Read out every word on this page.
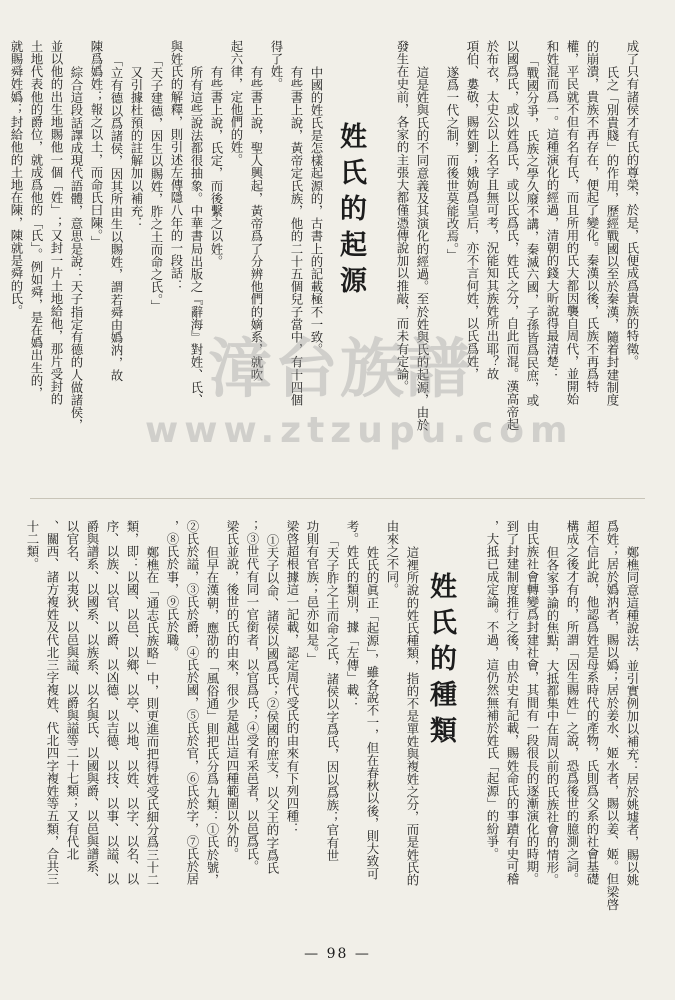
成了只有諸侯才有氏的尊榮，於是，氏便成爲貴族的特徵。
氏之「別貴賤」的作用，歷經戰國以至於秦漢，隨着封建制度
的崩潰，貴族不再存在，便起了變化。秦漢以後，氏族不再爲特
權，平民就不但有名有氏，而且所用的氏大都因襲自周代，並開始
和姓混而爲一。這種演化的經過，清朝的錢大昕說得最清楚：
「戰國分爭，氏族之學久廢不講，秦滅六國，子孫皆爲民庶，或
以國爲氏，或以姓爲氏，或以氏爲氏，姓氏之分，自此而混。漢高帝起
於布衣，太史公以上名字且無可考，況能知其族姓所出耶？故
項伯、婁敬，賜姓劉；娥姁爲皇后，亦不言何姓，以氏爲姓，
遂爲一代之制，而後世莫能改焉。」
這是姓與氏的不同意義及其演化的經過。至於姓與氏的起源，由於
發生在史前，各家的主張大都僅憑傳說加以推敲，而未有定論。
姓氏的起源
中國的姓氏是怎樣起源的，古書上的記載極不一致。
有些書上說，黃帝定氏族，他的二十五個兒子當中，有十四個
得了姓。
有些書上說，聖人興起，黃帝爲了分辨他們的嫡系，就吹
起六律，定他們的姓。
有些書上說，氏定，而後繫之以姓。
所有這些說法都很抽象。中華書局出版之『辭海』對姓、氏、
與姓氏的解釋，則引述左傳隱八年的一段話：
「天子建德，因生以賜姓，胙之土而命之氏。」
又引據杜預的註解加以補充：
「立有德以爲諸侯，因其所由生以賜姓，謂若舜由嬀汭，故
陳爲嬀姓；報之以土，而命氏曰陳。」
綜合這段話譯成現代語體，意思是說：天子指定有德的人做諸侯，
並以他的出生地賜他一個「姓」；又封一片土地給他，那片受封的
土地代表他的爵位，就成爲他的「氏」。例如舜，是在嬀出生的，
就賜舜姓嬀；封給他的土地在陳，陳就是舜的氏。
鄭樵同意這種說法，並引實例加以補充：居於姚墟者，賜以姚
爲姓；居於嬀汭者，賜以嬀；居於姜水、姬水者，賜以姜、姬。但梁啓
超不信此說，他認爲姓是母系時代的產物，氏則爲父系的社會基礎
構成之後才有的，所謂「因生賜姓」之說，恐爲後世的臆測之詞。
但各家爭論的焦點，大抵都集中在周以前的氏族社會的情形。
由氏族社會轉變爲封建社會，其間有一段很長的逐漸演化的時期。
到了封建制度推行之後，由於史有記載，賜姓命氏的事蹟有史可稽
，大抵已成定論。不過，這仍然無補於姓氏「起源」的紛爭。
姓氏的種類
這裡所說的姓氏種類，指的不是單姓與複姓之分，而是姓氏的
由來之不同。
姓氏的眞正「起源」，雖各說不一，但在春秋以後，則大致可
考。姓氏的類別，據「左傳」載：
「天子胙之土而命之氏，諸侯以字爲氏，因以爲族；官有世
功則有官族；邑亦如是。」
梁啓超根據這一記載，認定周代受氏的由來有下列四種：
①天子以命、諸侯以國爲氏；②侯國的庶支，以父王的字爲氏
；③世代有同一官銜者，以官爲氏；④受有采邑者，以邑爲氏。
梁氏並說，後世的氏的由來，很少是越出這四種範圍以外的。
但早在漢朝，應劭的「風俗通」則把氏分爲九類：①氏於號，
②氏於謚，③氏於爵，④氏於國，⑤氏於官，⑥氏於字，⑦氏於居
，⑧氏於事，⑨氏於職。
鄭樵在「通志氏族略」中，則更進而把得姓受氏細分爲三十二
類，即：以國、以邑、以鄉、以亭、以地、以姓、以字、以名、以
序、以族、以官、以爵、以凶德、以吉德、以技、以事、以謚、以
爵與譜系、以國系、以族系、以名與氏、以國與爵、以邑與譜系、
以官名、以夷狄、以邑與謚、以爵與謚等二十七類；又有代北
、關西、諸方複姓及代北三字複姓、代北四字複姓等五類，合共三
十二類。
漳台族譜
www.ztzupu.com
— 98 —
